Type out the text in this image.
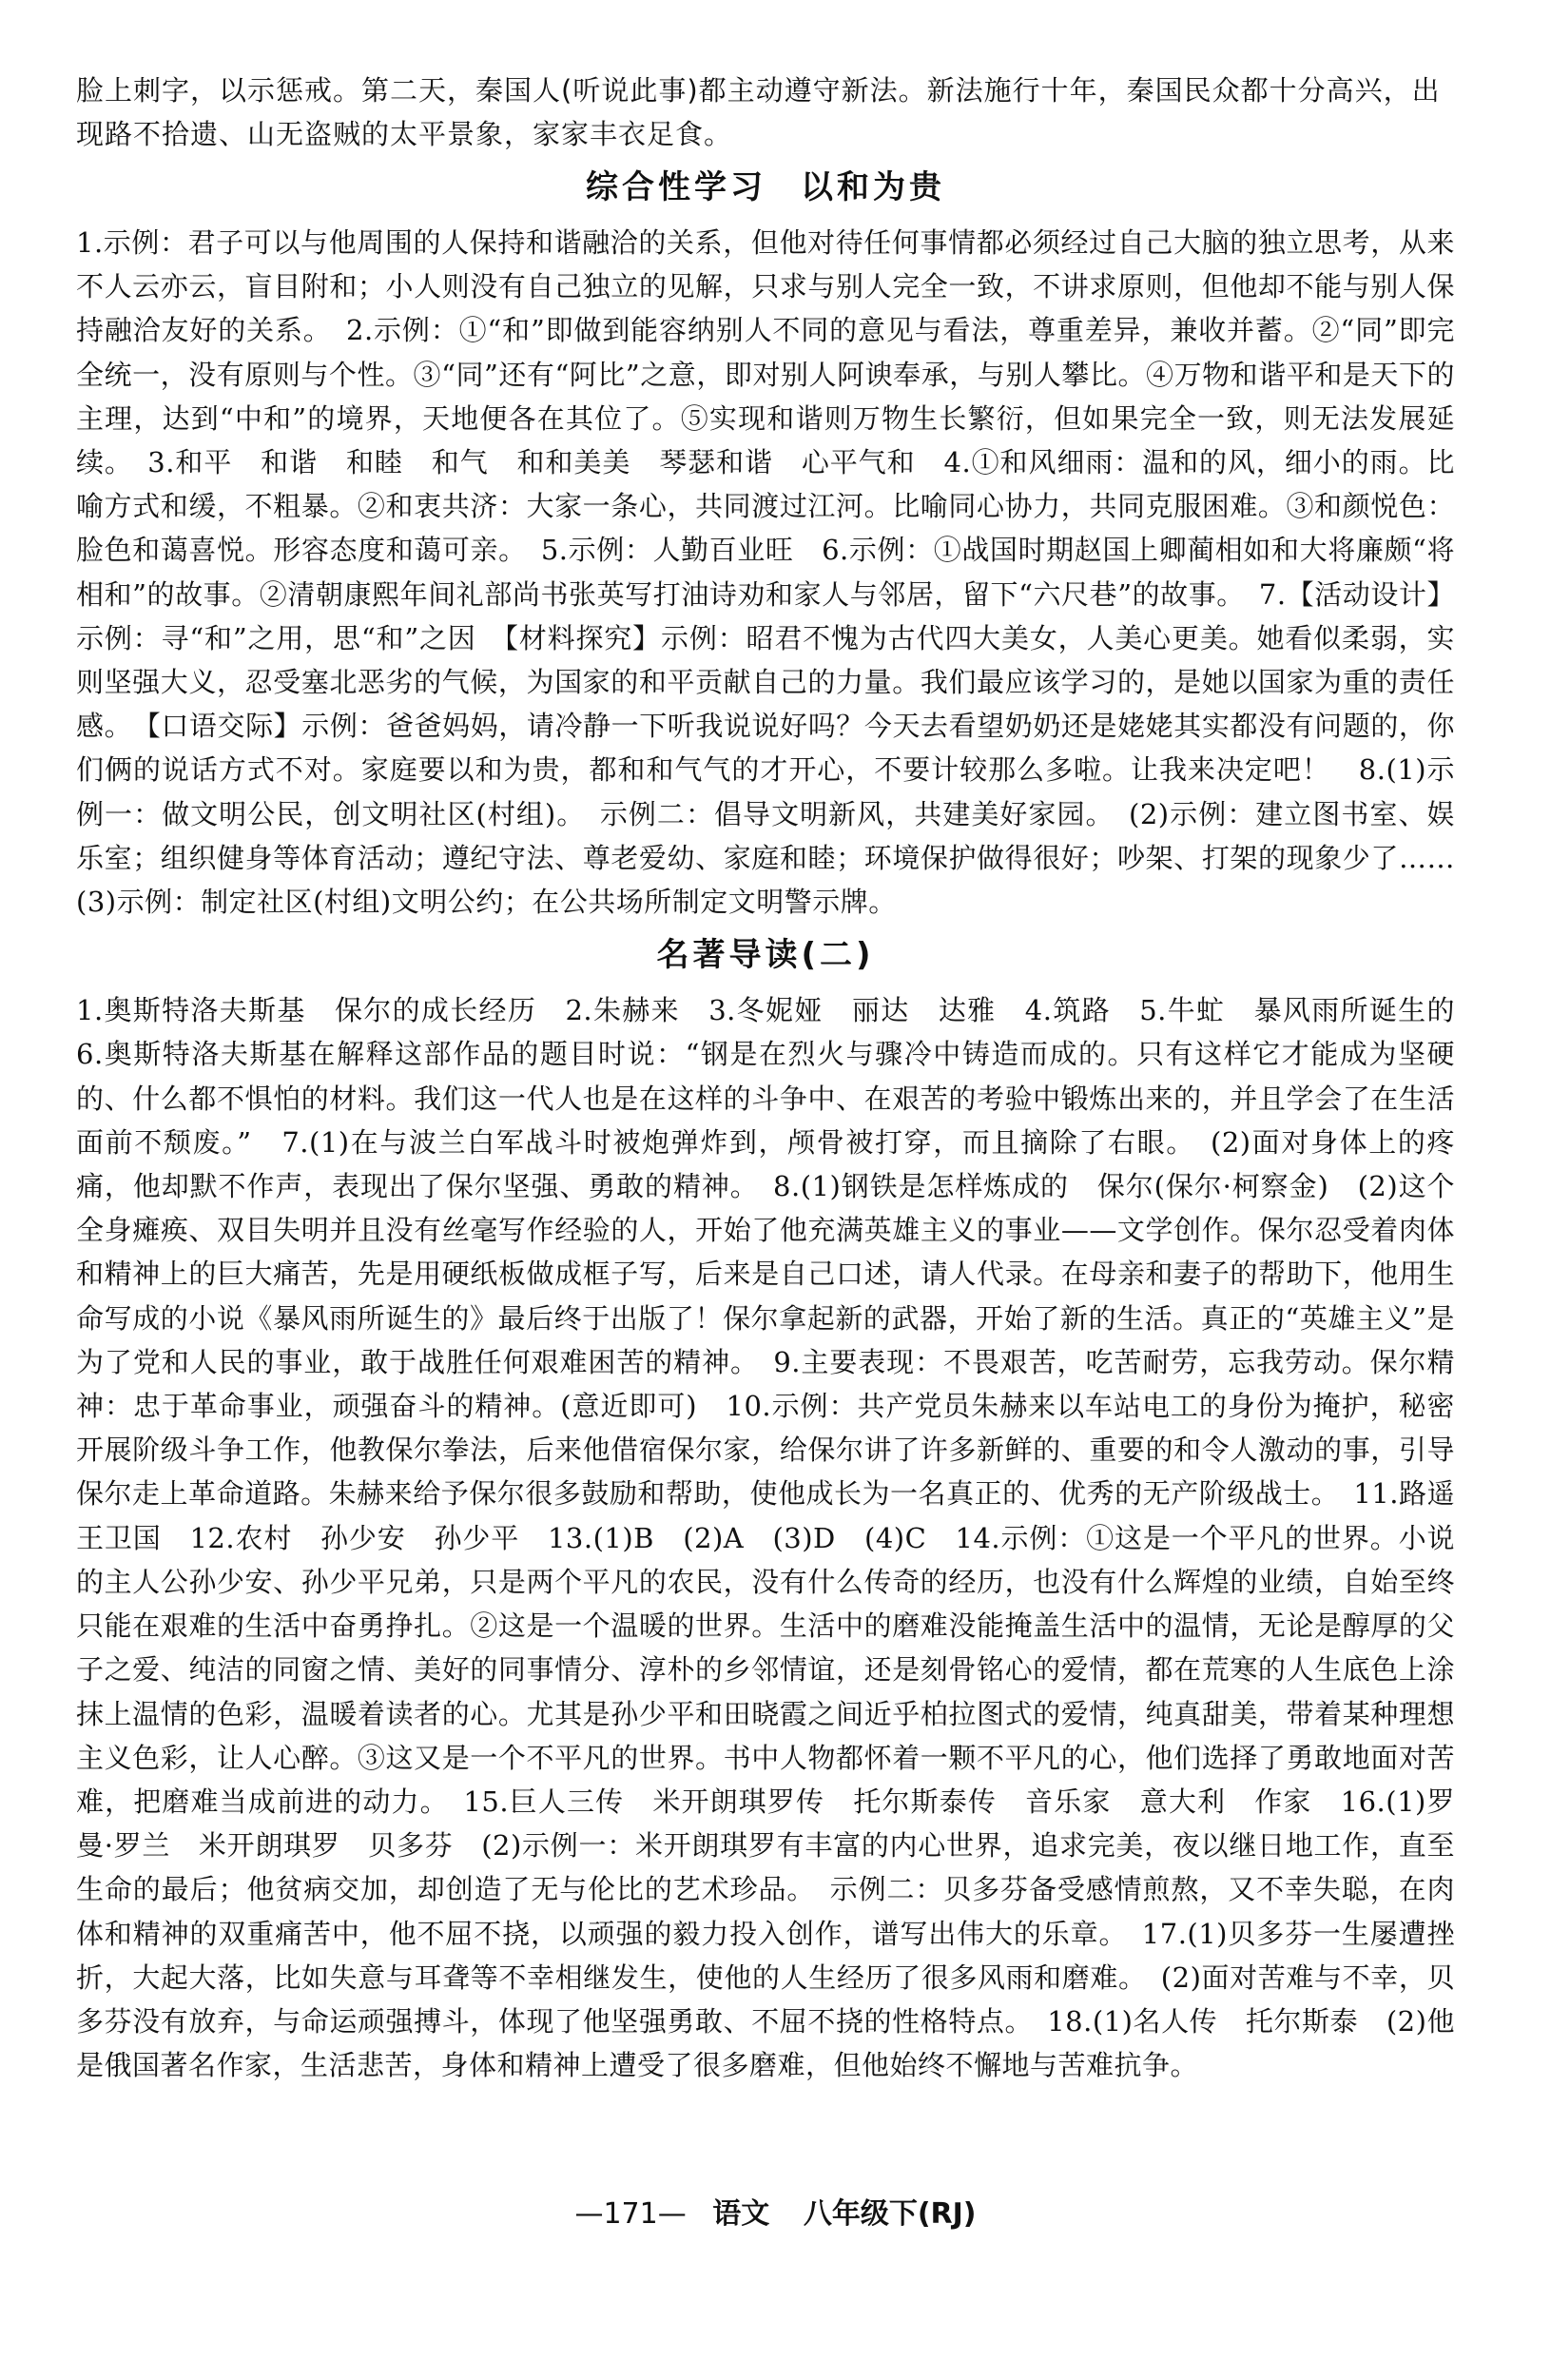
脸上刺字，以示惩戒。第二天，秦国人(听说此事)都主动遵守新法。新法施行十年，秦国民众都十分高兴，出现路不拾遗、山无盗贼的太平景象，家家丰衣足食。

综合性学习 以和为贵

1.示例：君子可以与他周围的人保持和谐融洽的关系，但他对待任何事情都必须经过自己大脑的独立思考，从来不人云亦云，盲目附和；小人则没有自己独立的见解，只求与别人完全一致，不讲求原则，但他却不能与别人保持融洽友好的关系。　2.示例：①“和”即做到能容纳别人不同的意见与看法，尊重差异，兼收并蓄。②“同”即完全统一，没有原则与个性。③“同”还有“阿比”之意，即对别人阿谀奉承，与别人攀比。④万物和谐平和是天下的主理，达到“中和”的境界，天地便各在其位了。⑤实现和谐则万物生长繁衍，但如果完全一致，则无法发展延续。　3.和平　和谐　和睦　和气　和和美美　琴瑟和谐　心平气和　4.①和风细雨：温和的风，细小的雨。比喻方式和缓，不粗暴。②和衷共济：大家一条心，共同渡过江河。比喻同心协力，共同克服困难。③和颜悦色：脸色和蔼喜悦。形容态度和蔼可亲。　5.示例：人勤百业旺　6.示例：①战国时期赵国上卿蔺相如和大将廉颇“将相和”的故事。②清朝康熙年间礼部尚书张英写打油诗劝和家人与邻居，留下“六尺巷”的故事。　7.【活动设计】示例：寻“和”之用，思“和”之因　【材料探究】示例：昭君不愧为古代四大美女，人美心更美。她看似柔弱，实则坚强大义，忍受塞北恶劣的气候，为国家的和平贡献自己的力量。我们最应该学习的，是她以国家为重的责任感。　【口语交际】示例：爸爸妈妈，请冷静一下听我说说好吗？今天去看望奶奶还是姥姥其实都没有问题的，你们俩的说话方式不对。家庭要以和为贵，都和和气气的才开心，不要计较那么多啦。让我来决定吧！　8.(1)示例一：做文明公民，创文明社区(村组)。　示例二：倡导文明新风，共建美好家园。　(2)示例：建立图书室、娱乐室；组织健身等体育活动；遵纪守法、尊老爱幼、家庭和睦；环境保护做得很好；吵架、打架的现象少了……　(3)示例：制定社区(村组)文明公约；在公共场所制定文明警示牌。

名著导读(二)

1.奥斯特洛夫斯基　保尔的成长经历　2.朱赫来　3.冬妮娅　丽达　达雅　4.筑路　5.牛虻　暴风雨所诞生的　6.奥斯特洛夫斯基在解释这部作品的题目时说：“钢是在烈火与骤冷中铸造而成的。只有这样它才能成为坚硬的、什么都不惧怕的材料。我们这一代人也是在这样的斗争中、在艰苦的考验中锻炼出来的，并且学会了在生活面前不颓废。”　7.(1)在与波兰白军战斗时被炮弹炸到，颅骨被打穿，而且摘除了右眼。　(2)面对身体上的疼痛，他却默不作声，表现出了保尔坚强、勇敢的精神。　8.(1)钢铁是怎样炼成的　保尔(保尔·柯察金)　(2)这个全身瘫痪、双目失明并且没有丝毫写作经验的人，开始了他充满英雄主义的事业——文学创作。保尔忍受着肉体和精神上的巨大痛苦，先是用硬纸板做成框子写，后来是自己口述，请人代录。在母亲和妻子的帮助下，他用生命写成的小说《暴风雨所诞生的》最后终于出版了！保尔拿起新的武器，开始了新的生活。真正的“英雄主义”是为了党和人民的事业，敢于战胜任何艰难困苦的精神。　9.主要表现：不畏艰苦，吃苦耐劳，忘我劳动。保尔精神：忠于革命事业，顽强奋斗的精神。(意近即可)　10.示例：共产党员朱赫来以车站电工的身份为掩护，秘密开展阶级斗争工作，他教保尔拳法，后来他借宿保尔家，给保尔讲了许多新鲜的、重要的和令人激动的事，引导保尔走上革命道路。朱赫来给予保尔很多鼓励和帮助，使他成长为一名真正的、优秀的无产阶级战士。　11.路遥　王卫国　12.农村　孙少安　孙少平　13.(1)B　(2)A　(3)D　(4)C　14.示例：①这是一个平凡的世界。小说的主人公孙少安、孙少平兄弟，只是两个平凡的农民，没有什么传奇的经历，也没有什么辉煌的业绩，自始至终只能在艰难的生活中奋勇挣扎。②这是一个温暖的世界。生活中的磨难没能掩盖生活中的温情，无论是醇厚的父子之爱、纯洁的同窗之情、美好的同事情分、淳朴的乡邻情谊，还是刻骨铭心的爱情，都在荒寒的人生底色上涂抹上温情的色彩，温暖着读者的心。尤其是孙少平和田晓霞之间近乎柏拉图式的爱情，纯真甜美，带着某种理想主义色彩，让人心醉。③这又是一个不平凡的世界。书中人物都怀着一颗不平凡的心，他们选择了勇敢地面对苦难，把磨难当成前进的动力。　15.巨人三传　米开朗琪罗传　托尔斯泰传　音乐家　意大利　作家　16.(1)罗曼·罗兰　米开朗琪罗　贝多芬　(2)示例一：米开朗琪罗有丰富的内心世界，追求完美，夜以继日地工作，直至生命的最后；他贫病交加，却创造了无与伦比的艺术珍品。　示例二：贝多芬备受感情煎熬，又不幸失聪，在肉体和精神的双重痛苦中，他不屈不挠，以顽强的毅力投入创作，谱写出伟大的乐章。　17.(1)贝多芬一生屡遭挫折，大起大落，比如失意与耳聋等不幸相继发生，使他的人生经历了很多风雨和磨难。　(2)面对苦难与不幸，贝多芬没有放弃，与命运顽强搏斗，体现了他坚强勇敢、不屈不挠的性格特点。　18.(1)名人传　托尔斯泰　(2)他是俄国著名作家，生活悲苦，身体和精神上遭受了很多磨难，但他始终不懈地与苦难抗争。

—171— 语文 八年级下(RJ)
